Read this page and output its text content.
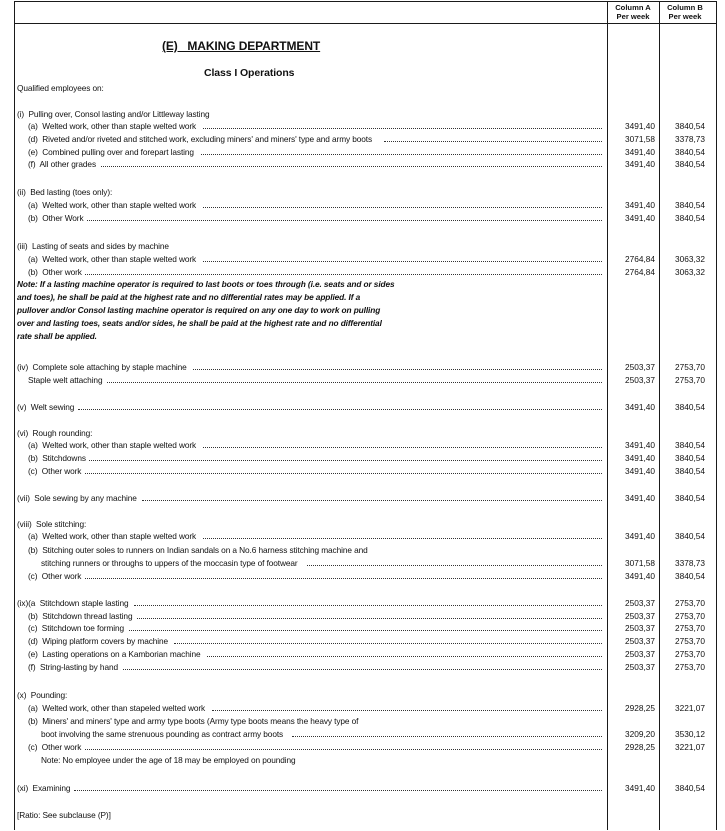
Column A
Per week
Column B
Per week
(E)   MAKING DEPARTMENT
Class I Operations
Qualified employees on:
(i)  Pulling over, Consol lasting and/or Littleway lasting
(a)  Welted work, other than staple welted work	3491,40	3840,54
(d)  Riveted and/or riveted and stitched work, excluding miners' and miners' type and army boots	3071,58	3378,73
(e)  Combined pulling over and forepart lasting	3491,40	3840,54
(f)  All other grades	3491,40	3840,54
(ii)  Bed lasting (toes only):
(a)  Welted work, other than staple welted work	3491,40	3840,54
(b)  Other Work	3491,40	3840,54
(iii)  Lasting of seats and sides by machine
(a)  Welted work, other than staple welted work	2764,84	3063,32
(b)  Other work	2764,84	3063,32
Note: If a lasting machine operator is required to last boots or toes through (i.e. seats and or sides
and toes), he shall be paid at the highest rate and no differential rates may be applied. If a
pullover and/or Consol lasting machine operator is required on any one day to work on pulling
over and lasting toes, seats and/or sides, he shall be paid at the highest rate and no differential
rate shall be applied.
(iv)  Complete sole attaching by staple machine	2503,37	2753,70
Staple welt attaching	2503,37	2753,70
(v)  Welt sewing	3491,40	3840,54
(vi)  Rough rounding:
(a)  Welted work, other than staple welted work	3491,40	3840,54
(b)  Stitchdowns	3491,40	3840,54
(c)  Other work	3491,40	3840,54
(vii)  Sole sewing by any machine	3491,40	3840,54
(viii)  Sole stitching:
(a)  Welted work, other than staple welted work	3491,40	3840,54
(b)  Stitching outer soles to runners on Indian sandals on a No.6 harness stitching machine and
stitching runners or throughs to uppers of the moccasin type of footwear	3071,58	3378,73
(c)  Other work	3491,40	3840,54
(ix)(a  Stitchdown staple lasting	2503,37	2753,70
(b)  Stitchdown thread lasting	2503,37	2753,70
(c)  Stitchdown toe forming	2503,37	2753,70
(d)  Wiping platform covers by machine	2503,37	2753,70
(e)  Lasting operations on a Kamborian machine	2503,37	2753,70
(f)  String-lasting by hand	2503,37	2753,70
(x)  Pounding:
(a)  Welted work, other than stapeled welted work	2928,25	3221,07
(b)  Miners' and miners' type and army type boots (Army type boots means the heavy type of
boot involving the same strenuous pounding as contract army boots	3209,20	3530,12
(c)  Other work	2928,25	3221,07
Note: No employee under the age of 18 may be employed on pounding
(xi)  Examining	3491,40	3840,54
[Ratio: See subclause (P)]
